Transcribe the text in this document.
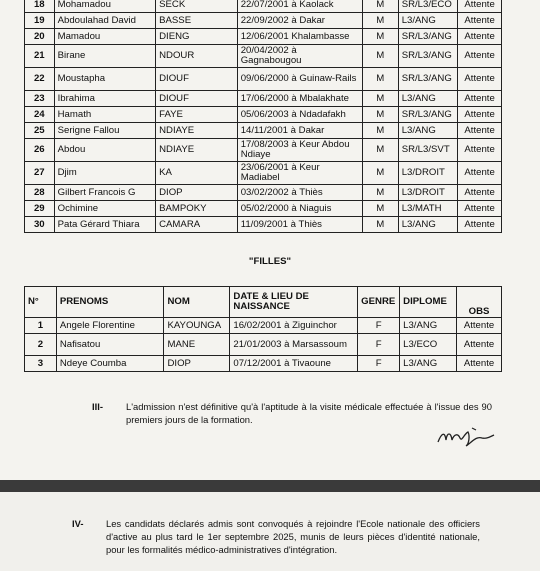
18	Mohamadou	SECK	22/07/2001 à Kaolack	M	SR/L3/ECO	Attente
19	Abdoulahad David	BASSE	22/09/2002 à Dakar	M	L3/ANG	Attente
20	Mamadou	DIENG	12/06/2001 Khalambasse	M	SR/L3/ANG	Attente
21	Birane	NDOUR	20/04/2002 à Gagnabougou	M	SR/L3/ANG	Attente
22	Moustapha	DIOUF	09/06/2000 à Guinaw-Rails	M	SR/L3/ANG	Attente
23	Ibrahima	DIOUF	17/06/2000 à Mbalakhate	M	L3/ANG	Attente
24	Hamath	FAYE	05/06/2003 à Ndadafakh	M	SR/L3/ANG	Attente
25	Serigne Fallou	NDIAYE	14/11/2001 à Dakar	M	L3/ANG	Attente
26	Abdou	NDIAYE	17/08/2003 à Keur Abdou Ndiaye	M	SR/L3/SVT	Attente
27	Djim	KA	23/06/2001 à Keur Madiabel	M	L3/DROIT	Attente
28	Gilbert Francois G	DIOP	03/02/2002 à Thiès	M	L3/DROIT	Attente
29	Ochimine	BAMPOKY	05/02/2000 à Niaguis	M	L3/MATH	Attente
30	Pata Gérard Thiara	CAMARA	11/09/2001 à Thiès	M	L3/ANG	Attente
"FILLES"
N°	PRENOMS	NOM	DATE & LIEU DE NAISSANCE	GENRE	DIPLOME	OBS
1	Angele Florentine	KAYOUNGA	16/02/2001 à Ziguinchor	F	L3/ANG	Attente
2	Nafisatou	MANE	21/01/2003 à Marsassoum	F	L3/ECO	Attente
3	Ndeye Coumba	DIOP	07/12/2001 à Tivaoune	F	L3/ANG	Attente
III- L'admission n'est définitive qu'à l'aptitude à la visite médicale effectuée à l'issue des 90 premiers jours de la formation.
IV- Les candidats déclarés admis sont convoqués à rejoindre l'Ecole nationale des officiers d'active au plus tard le 1er septembre 2025, munis de leurs pièces d'identité nationale, pour les formalités médico-administratives d'intégration.
